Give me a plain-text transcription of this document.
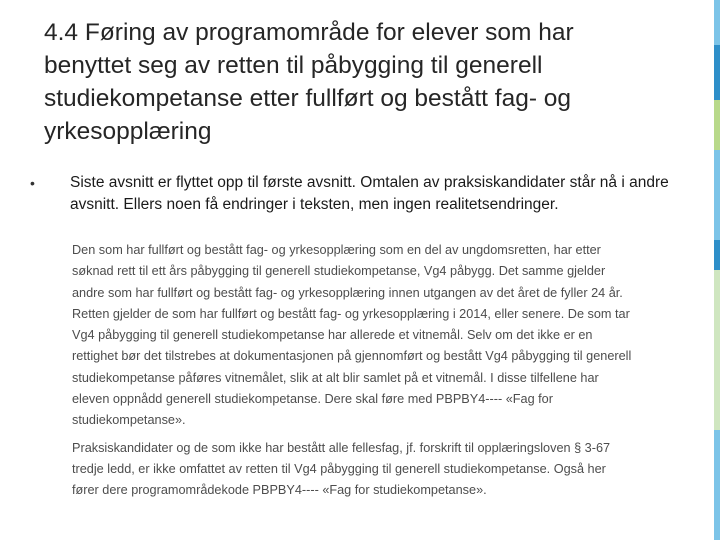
4.4 Føring av programområde for elever som har benyttet seg av retten til påbygging til generell studiekompetanse etter fullført og bestått fag- og yrkesopplæring
• Siste avsnitt er flyttet opp til første avsnitt. Omtalen av praksiskandidater står nå i andre avsnitt. Ellers noen få endringer i teksten, men ingen realitetsendringer.

Den som har fullført og bestått fag- og yrkesopplæring som en del av ungdomsretten, har etter søknad rett til ett års påbygging til generell studiekompetanse, Vg4 påbygg. Det samme gjelder andre som har fullført og bestått fag- og yrkesopplæring innen utgangen av det året de fyller 24 år. Retten gjelder de som har fullført og bestått fag- og yrkesopplæring i 2014, eller senere. De som tar Vg4 påbygging til generell studiekompetanse har allerede et vitnemål. Selv om det ikke er en rettighet bør det tilstrebes at dokumentasjonen på gjennomført og bestått Vg4 påbygging til generell studiekompetanse påføres vitnemålet, slik at alt blir samlet på et vitnemål. I disse tilfellene har eleven oppnådd generell studiekompetanse. Dere skal føre med PBPBY4---- «Fag for studiekompetanse».

Praksiskandidater og de som ikke har bestått alle fellesfag, jf. forskrift til opplæringsloven § 3-67 tredje ledd, er ikke omfattet av retten til Vg4 påbygging til generell studiekompetanse. Også her fører dere programområdekode PBPBY4---- «Fag for studiekompetanse».
